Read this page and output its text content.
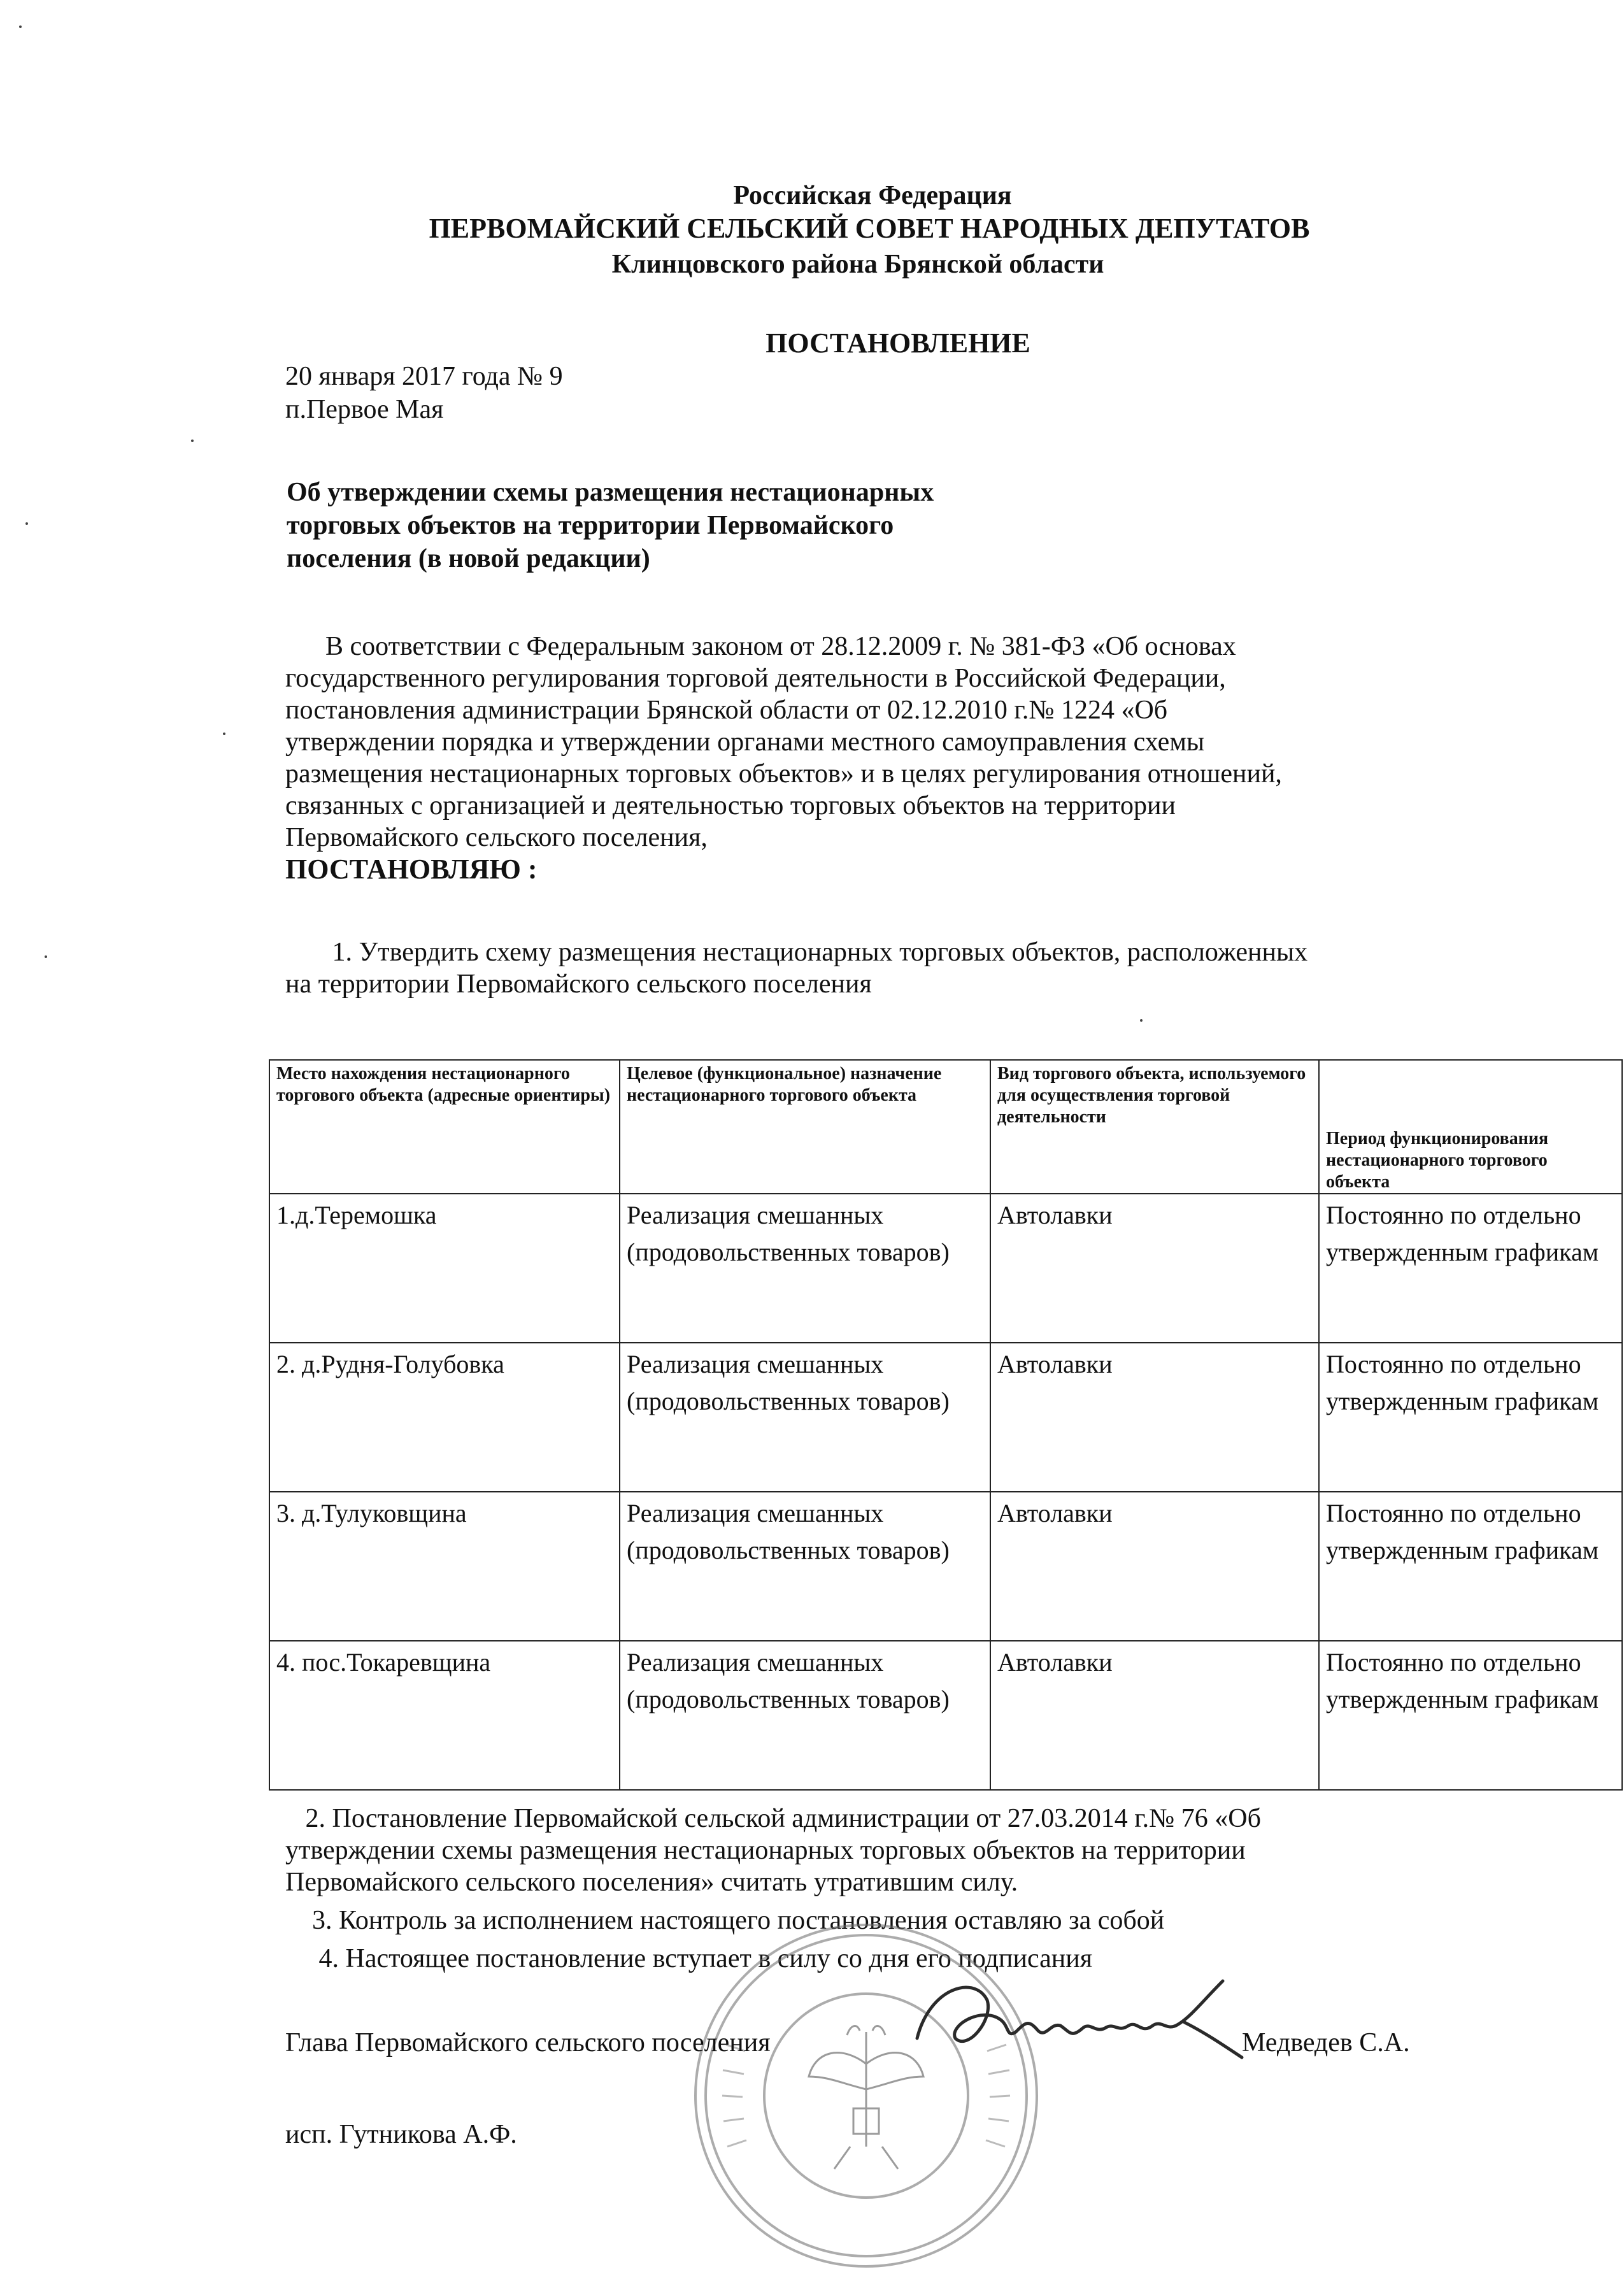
Российская Федерация
ПЕРВОМАЙСКИЙ СЕЛЬСКИЙ СОВЕТ НАРОДНЫХ ДЕПУТАТОВ
Клинцовского района Брянской области
ПОСТАНОВЛЕНИЕ
20 января 2017 года № 9
п.Первое Мая
Об утверждении схемы размещения нестационарных
торговых объектов на территории Первомайского
поселения (в новой редакции)
В соответствии с Федеральным законом от 28.12.2009 г. № 381-ФЗ «Об основах
государственного регулирования торговой деятельности в Российской Федерации,
постановления администрации Брянской области от 02.12.2010 г.№ 1224 «Об
утверждении порядка и утверждении органами местного самоуправления схемы
размещения нестационарных торговых объектов» и в целях регулирования отношений,
связанных с организацией и деятельностью торговых объектов на территории
Первомайского сельского поселения,
ПОСТАНОВЛЯЮ :
1. Утвердить схему размещения нестационарных торговых объектов, расположенных
на территории Первомайского сельского поселения
Место нахождения нестационарного торгового объекта (адресные ориентиры)	Целевое (функциональное) назначение нестационарного торгового объекта	Вид торгового объекта, используемого для осуществления торговой деятельности	Период функционирования нестационарного торгового объекта
1.д.Теремошка	Реализация смешанных (продовольственных товаров)	Автолавки	Постоянно по отдельно утвержденным графикам
2. д.Рудня-Голубовка	Реализация смешанных (продовольственных товаров)	Автолавки	Постоянно по отдельно утвержденным графикам
3. д.Тулуковщина	Реализация смешанных (продовольственных товаров)	Автолавки	Постоянно по отдельно утвержденным графикам
4. пос.Токаревщина	Реализация смешанных (продовольственных товаров)	Автолавки	Постоянно по отдельно утвержденным графикам
2. Постановление Первомайской сельской администрации от 27.03.2014 г.№ 76 «Об
утверждении схемы размещения нестационарных торговых объектов на территории
Первомайского сельского поселения» считать утратившим силу.
3. Контроль за исполнением настоящего постановления оставляю за собой
4. Настоящее постановление вступает в силу со дня его подписания
Глава Первомайского сельского поселения	Медведев С.А.
исп. Гутникова А.Ф.
